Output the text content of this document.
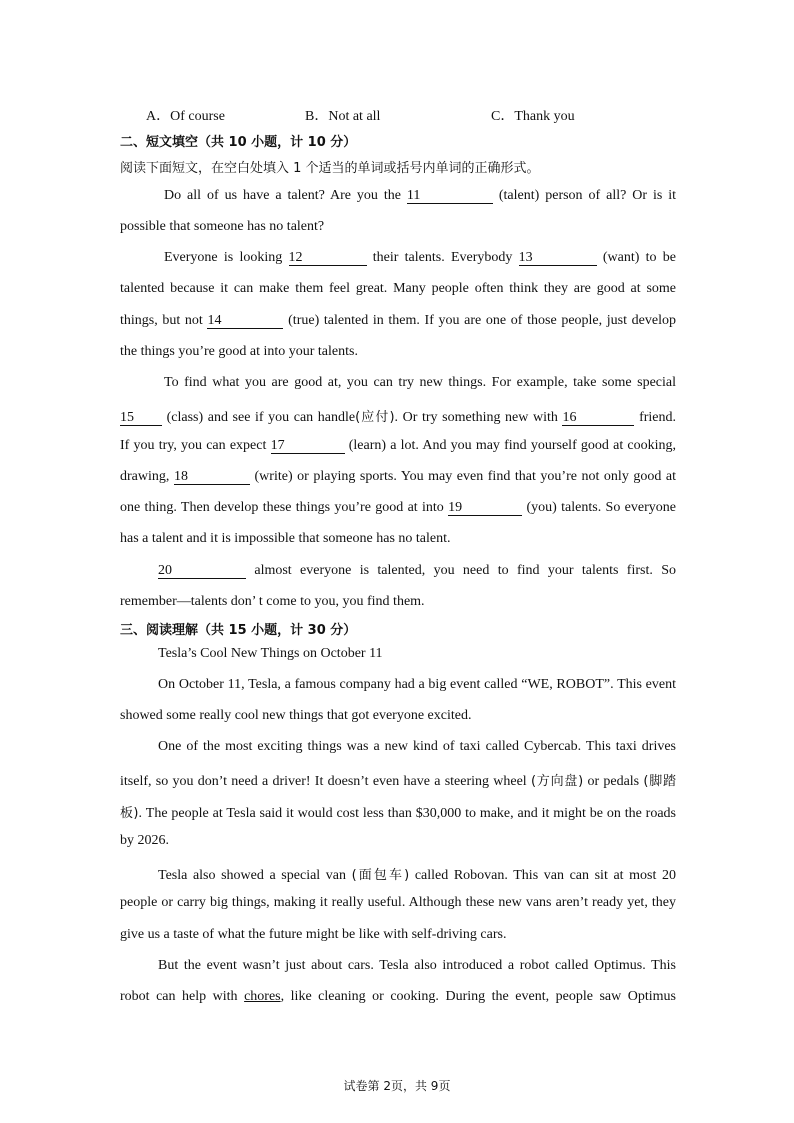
A．Of course	B．Not at all	C．Thank you
二、短文填空（共 10 小题，计 10 分）
阅读下面短文，在空白处填入 1 个适当的单词或括号内单词的正确形式。
Do all of us have a talent? Are you the 11	(talent) person of all? Or is it
possible that someone has no talent?
Everyone is looking 12	their talents. Everybody 13	(want) to be
talented because it can make them feel great. Many people often think they are good at some
things, but not 14	(true) talented in them. If you are one of those people, just develop
the things you’re good at into your talents.
To find what you are good at, you can try new things. For example, take some special
15 (class) and see if you can handle(应付). Or try something new with 16	friend.
If you try, you can expect 17	(learn) a lot. And you may find yourself good at cooking,
drawing, 18	(write) or playing sports. You may even find that you’re not only good at
one thing. Then develop these things you’re good at into 19	(you) talents. So everyone
has a talent and it is impossible that someone has no talent.
20	almost everyone is talented, you need to find your talents first. So
remember—talents don’ t come to you, you find them.
三、阅读理解（共 15 小题，计 30 分）
Tesla’s Cool New Things on October 11
On October 11, Tesla, a famous company had a big event called “WE, ROBOT”. This event
showed some really cool new things that got everyone excited.
One of the most exciting things was a new kind of taxi called Cybercab. This taxi drives
itself, so you don’t need a driver! It doesn’t even have a steering wheel (方向盘) or pedals (脚踏
板). The people at Tesla said it would cost less than $30,000 to make, and it might be on the roads
by 2026.
Tesla also showed a special van (面包车) called Robovan. This van can sit at most 20
people or carry big things, making it really useful. Although these new vans aren’t ready yet, they
give us a taste of what the future might be like with self-driving cars.
But the event wasn’t just about cars. Tesla also introduced a robot called Optimus. This
robot can help with chores, like cleaning or cooking. During the event, people saw Optimus
试卷第 2页，共 9页
